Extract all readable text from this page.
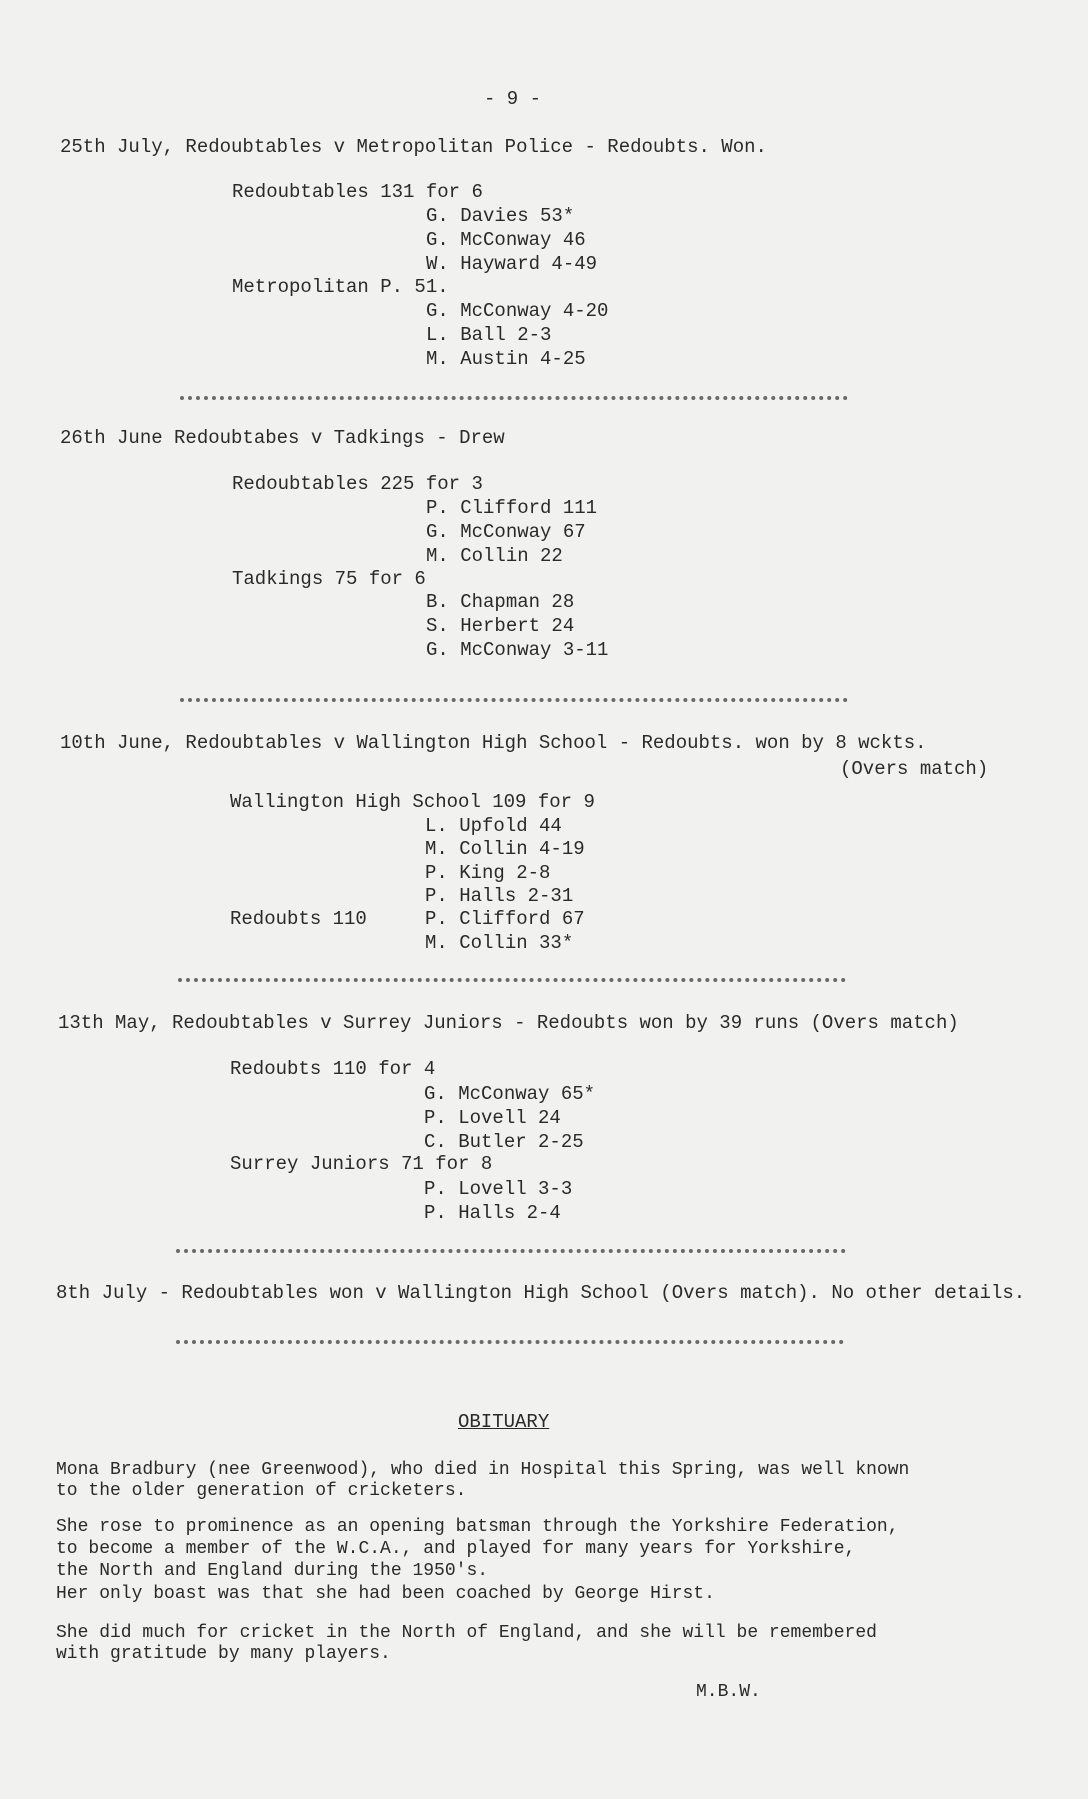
- 9 -
25th July, Redoubtables v Metropolitan Police - Redoubts. Won.
Redoubtables 131 for 6
G. Davies 53*
G. McConway 46
W. Hayward 4-49
Metropolitan P. 51.
G. McConway 4-20
L. Ball 2-3
M. Austin 4-25
26th June Redoubtabes v Tadkings - Drew
Redoubtables 225 for 3
P. Clifford 111
G. McConway 67
M. Collin 22
Tadkings 75 for 6
B. Chapman 28
S. Herbert 24
G. McConway 3-11
10th June, Redoubtables v Wallington High School - Redoubts. won by 8 wckts.
(Overs match)
Wallington High School 109 for 9
L. Upfold 44
M. Collin 4-19
P. King 2-8
P. Halls 2-31
Redoubts 110	P. Clifford 67
M. Collin 33*
13th May, Redoubtables v Surrey Juniors - Redoubts won by 39 runs (Overs match)
Redoubts 110 for 4
G. McConway 65*
P. Lovell 24
C. Butler 2-25
Surrey Juniors 71 for 8
P. Lovell 3-3
P. Halls 2-4
8th July - Redoubtables won v Wallington High School (Overs match). No other details.
OBITUARY
Mona Bradbury (nee Greenwood), who died in Hospital this Spring, was well known
to the older generation of cricketers.
She rose to prominence as an opening batsman through the Yorkshire Federation,
to become a member of the W.C.A., and played for many years for Yorkshire,
the North and England during the 1950's.
Her only boast was that she had been coached by George Hirst.
She did much for cricket in the North of England, and she will be remembered
with gratitude by many players.
M.B.W.
